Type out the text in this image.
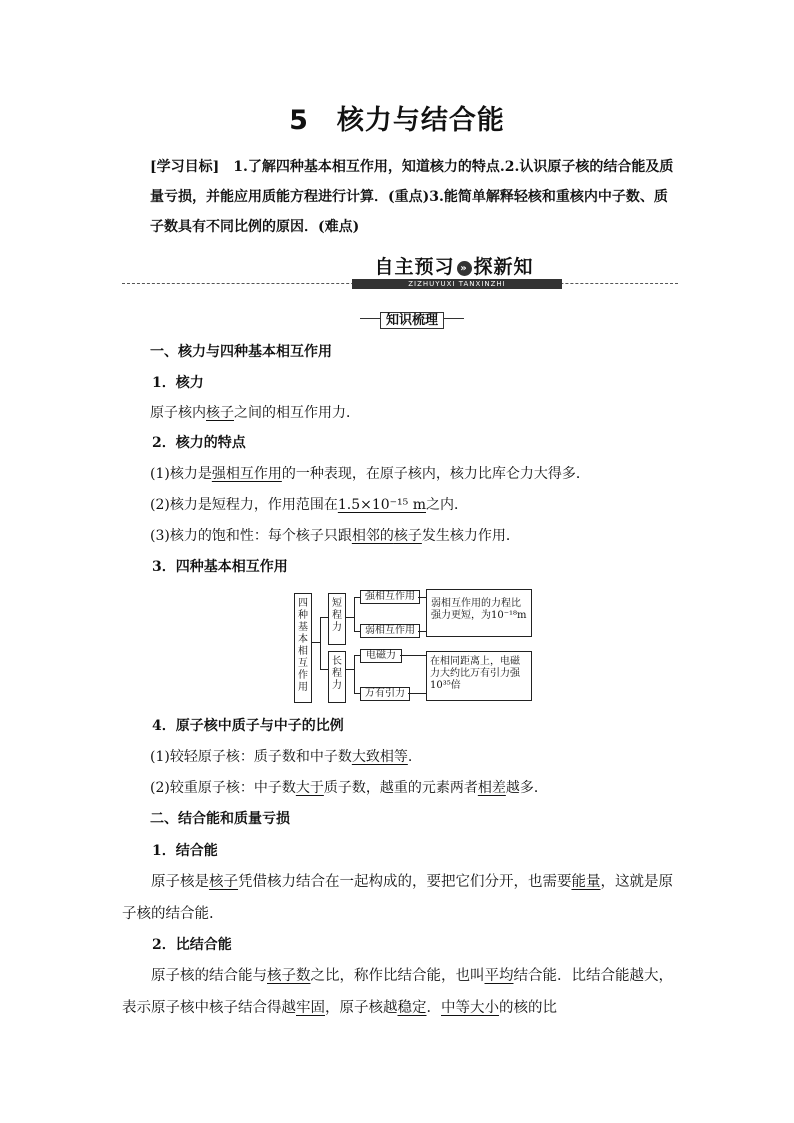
5 核力与结合能
[学习目标]　1.了解四种基本相互作用，知道核力的特点.2.认识原子核的结合能及质量亏损，并能应用质能方程进行计算．(重点)3.能简单解释轻核和重核内中子数、质子数具有不同比例的原因．(难点)
自主预习 » 探新知
ZIZHUYUXI TANXINZHI
知识梳理
一、核力与四种基本相互作用
1．核力
原子核内核子之间的相互作用力．
2．核力的特点
(1)核力是强相互作用的一种表现，在原子核内，核力比库仑力大得多．
(2)核力是短程力，作用范围在1.5×10⁻¹⁵ m之内．
(3)核力的饱和性：每个核子只跟相邻的核子发生核力作用．
3．四种基本相互作用
四种基本相互作用
短程力
长程力
强相互作用
弱相互作用
弱相互作用的力程比强力更短，为10⁻¹⁸m
电磁力
万有引力
在相同距离上，电磁力大约比万有引力强10³⁵倍
4．原子核中质子与中子的比例
(1)较轻原子核：质子数和中子数大致相等.
(2)较重原子核：中子数大于质子数，越重的元素两者相差越多．
二、结合能和质量亏损
1．结合能
原子核是核子凭借核力结合在一起构成的，要把它们分开，也需要能量，这就是原子核的结合能.
2．比结合能
原子核的结合能与核子数之比，称作比结合能，也叫平均结合能．比结合能越大，表示原子核中核子结合得越牢固，原子核越稳定．中等大小的核的比
